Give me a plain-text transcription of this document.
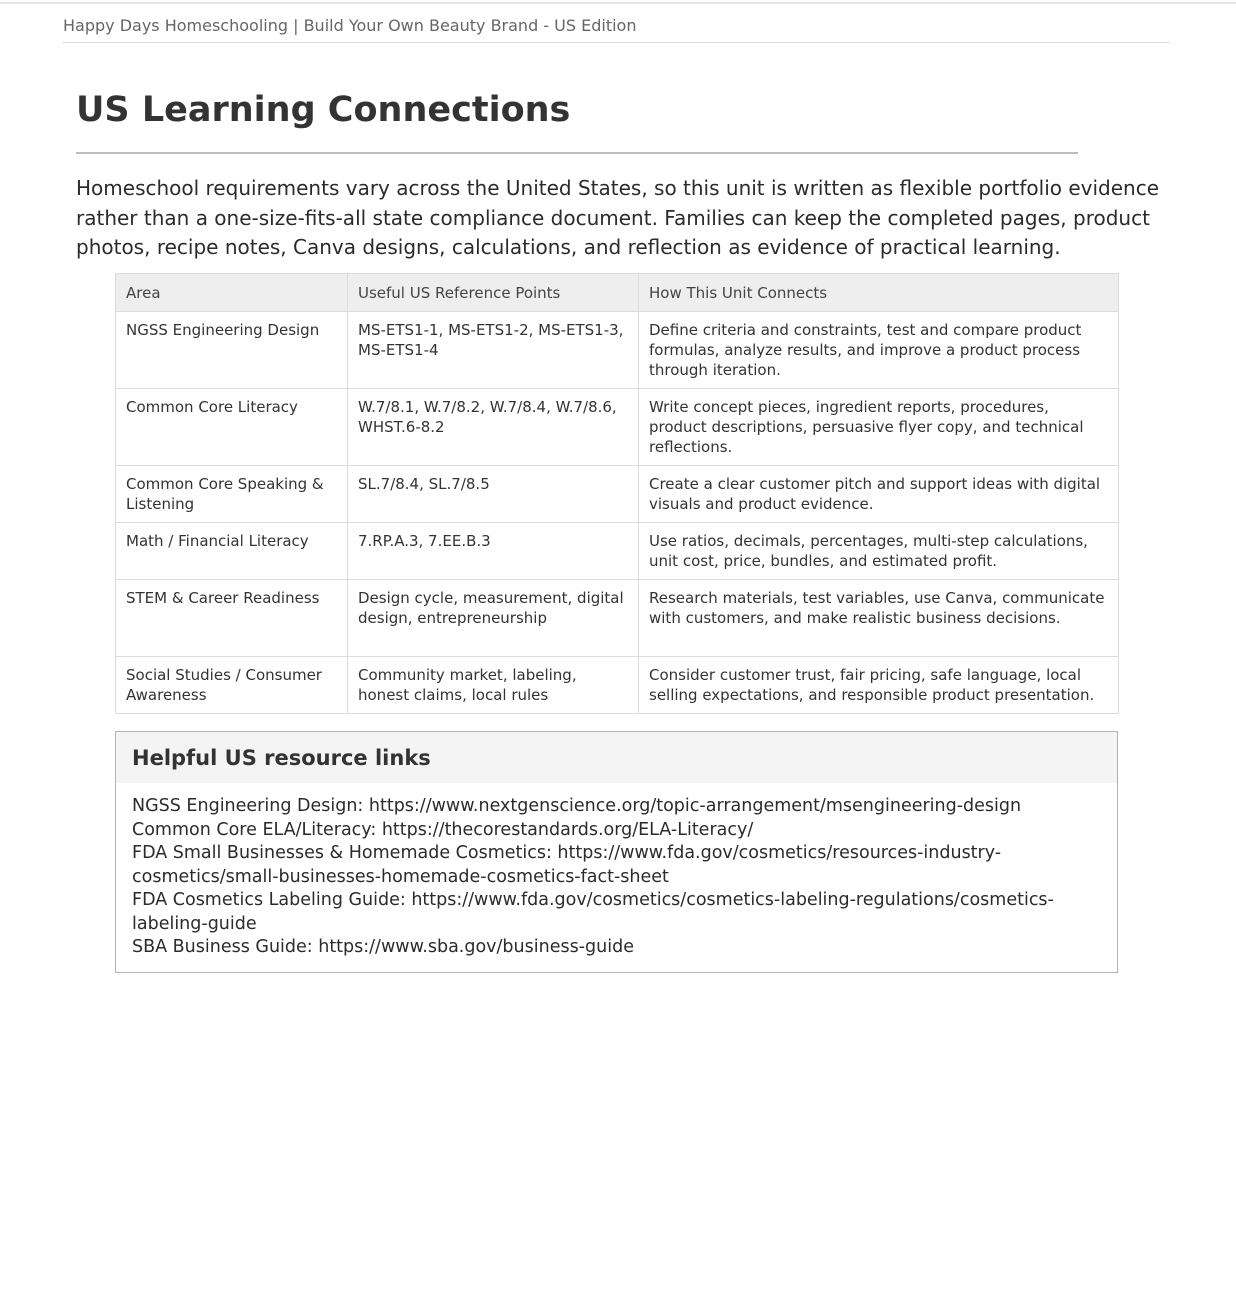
Happy Days Homeschooling | Build Your Own Beauty Brand - US Edition
US Learning Connections

Homeschool requirements vary across the United States, so this unit is written as flexible portfolio evidence rather than a one-size-fits-all state compliance document. Families can keep the completed pages, product photos, recipe notes, Canva designs, calculations, and reflection as evidence of practical learning.

Area	Useful US Reference Points	How This Unit Connects
NGSS Engineering Design	MS-ETS1-1, MS-ETS1-2, MS-ETS1-3, MS-ETS1-4	Define criteria and constraints, test and compare product formulas, analyze results, and improve a product process through iteration.
Common Core Literacy	W.7/8.1, W.7/8.2, W.7/8.4, W.7/8.6, WHST.6-8.2	Write concept pieces, ingredient reports, procedures, product descriptions, persuasive flyer copy, and technical reflections.
Common Core Speaking & Listening	SL.7/8.4, SL.7/8.5	Create a clear customer pitch and support ideas with digital visuals and product evidence.
Math / Financial Literacy	7.RP.A.3, 7.EE.B.3	Use ratios, decimals, percentages, multi-step calculations, unit cost, price, bundles, and estimated profit.
STEM & Career Readiness	Design cycle, measurement, digital design, entrepreneurship	Research materials, test variables, use Canva, communicate with customers, and make realistic business decisions.
Social Studies / Consumer Awareness	Community market, labeling, honest claims, local rules	Consider customer trust, fair pricing, safe language, local selling expectations, and responsible product presentation.
Helpful US resource links
NGSS Engineering Design: https://www.nextgenscience.org/topic-arrangement/msengineering-design
Common Core ELA/Literacy: https://thecorestandards.org/ELA-Literacy/
FDA Small Businesses & Homemade Cosmetics: https://www.fda.gov/cosmetics/resources-industry-cosmetics/small-businesses-homemade-cosmetics-fact-sheet
FDA Cosmetics Labeling Guide: https://www.fda.gov/cosmetics/cosmetics-labeling-regulations/cosmetics-labeling-guide
SBA Business Guide: https://www.sba.gov/business-guide
